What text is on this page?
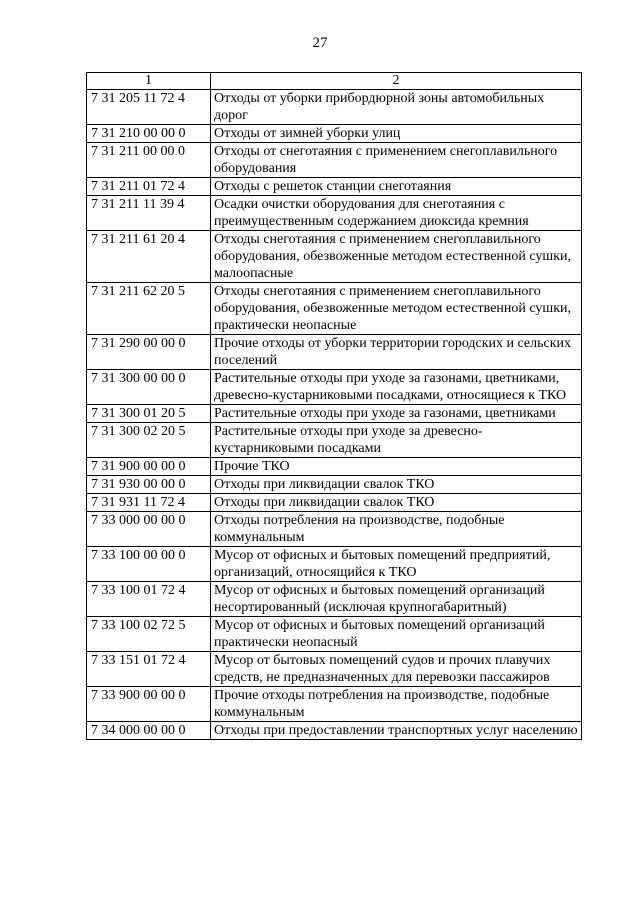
27
1	2
7 31 205 11 72 4	Отходы от уборки прибордюрной зоны автомобильных дорог
7 31 210 00 00 0	Отходы от зимней уборки улиц
7 31 211 00 00 0	Отходы от снеготаяния с применением снегоплавильного оборудования
7 31 211 01 72 4	Отходы с решеток станции снеготаяния
7 31 211 11 39 4	Осадки очистки оборудования для снеготаяния с преимущественным содержанием диоксида кремния
7 31 211 61 20 4	Отходы снеготаяния с применением снегоплавильного оборудования, обезвоженные методом естественной сушки, малоопасные
7 31 211 62 20 5	Отходы снеготаяния с применением снегоплавильного оборудования, обезвоженные методом естественной сушки, практически неопасные
7 31 290 00 00 0	Прочие отходы от уборки территории городских и сельских поселений
7 31 300 00 00 0	Растительные отходы при уходе за газонами, цветниками, древесно-кустарниковыми посадками, относящиеся к ТКО
7 31 300 01 20 5	Растительные отходы при уходе за газонами, цветниками
7 31 300 02 20 5	Растительные отходы при уходе за древесно-кустарниковыми посадками
7 31 900 00 00 0	Прочие ТКО
7 31 930 00 00 0	Отходы при ликвидации свалок ТКО
7 31 931 11 72 4	Отходы при ликвидации свалок ТКО
7 33 000 00 00 0	Отходы потребления на производстве, подобные коммунальным
7 33 100 00 00 0	Мусор от офисных и бытовых помещений предприятий, организаций, относящийся к ТКО
7 33 100 01 72 4	Мусор от офисных и бытовых помещений организаций несортированный (исключая крупногабаритный)
7 33 100 02 72 5	Мусор от офисных и бытовых помещений организаций практически неопасный
7 33 151 01 72 4	Мусор от бытовых помещений судов и прочих плавучих средств, не предназначенных для перевозки пассажиров
7 33 900 00 00 0	Прочие отходы потребления на производстве, подобные коммунальным
7 34 000 00 00 0	Отходы при предоставлении транспортных услуг населению
